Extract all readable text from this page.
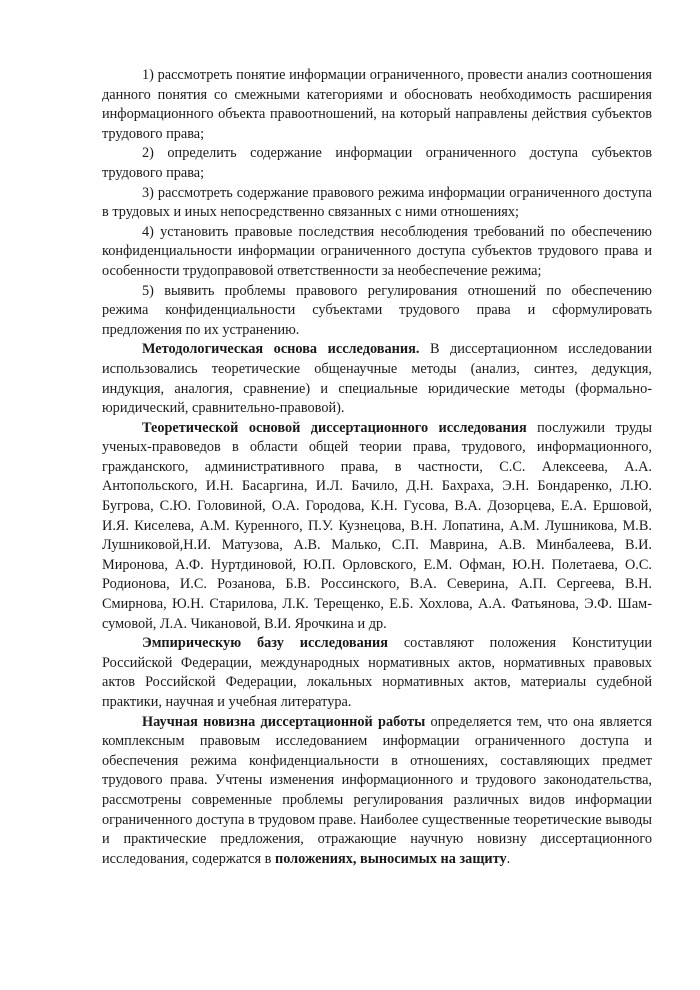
1) рассмотреть понятие информации ограниченного, провести анализ соотношения данного понятия со смежными категориями и обосновать необходимость расширения информационного объекта правоотношений, на который направлены действия субъектов трудового права;

2) определить содержание информации ограниченного доступа субъектов трудового права;

3) рассмотреть содержание правового режима информации ограниченного доступа в трудовых и иных непосредственно связанных с ними отношениях;

4) установить правовые последствия несоблюдения требований по обеспечению конфиденциальности информации ограниченного доступа субъектов трудового права и особенности трудоправовой ответственности за необеспечение режима;

5) выявить проблемы правового регулирования отношений по обеспечению режима конфиденциальности субъектами трудового права и сформулировать предложения по их устранению.

Методологическая основа исследования. В диссертационном исследовании использовались теоретические общенаучные методы (анализ, синтез, дедукция, индукция, аналогия, сравнение) и специальные юридические методы (формально-юридический, сравнительно-правовой).

Теоретической основой диссертационного исследования послужили труды ученых-правоведов в области общей теории права, трудового, информационного, гражданского, административного права, в частности, С.С. Алексеева, А.А. Антопольского, И.Н. Басаргина, И.Л. Бачило, Д.Н. Бахраха, Э.Н. Бондаренко, Л.Ю. Бугрова, С.Ю. Головиной, О.А. Городова, К.Н. Гусова, В.А. Дозорцева, Е.А. Ершовой, И.Я. Киселева, А.М. Куренного, П.У. Кузнецова, В.Н. Лопатина, А.М. Лушникова, М.В. Лушниковой,Н.И. Матузова, А.В. Малько, С.П. Маврина, А.В. Минбалеева, В.И. Миронова, А.Ф. Нуртдиновой, Ю.П. Орловского, Е.М. Офман, Ю.Н. Полетаева, О.С. Родионова, И.С. Розанова, Б.В. Россинского, В.А. Северина, А.П. Сергеева, В.Н. Смирнова, Ю.Н. Старилова, Л.К. Терещенко, Е.Б. Хохлова, А.А. Фатьянова, Э.Ф. Шамсумовой, Л.А. Чикановой, В.И. Ярочкина и др.

Эмпирическую базу исследования составляют положения Конституции Российской Федерации, международных нормативных актов, нормативных правовых актов Российской Федерации, локальных нормативных актов, материалы судебной практики, научная и учебная литература.

Научная новизна диссертационной работы определяется тем, что она является комплексным правовым исследованием информации ограниченного доступа и обеспечения режима конфиденциальности в отношениях, составляющих предмет трудового права. Учтены изменения информационного и трудового законодательства, рассмотрены современные проблемы регулирования различных видов информации ограниченного доступа в трудовом праве. Наиболее существенные теоретические выводы и практические предложения, отражающие научную новизну диссертационного исследования, содержатся в положениях, выносимых на защиту.
